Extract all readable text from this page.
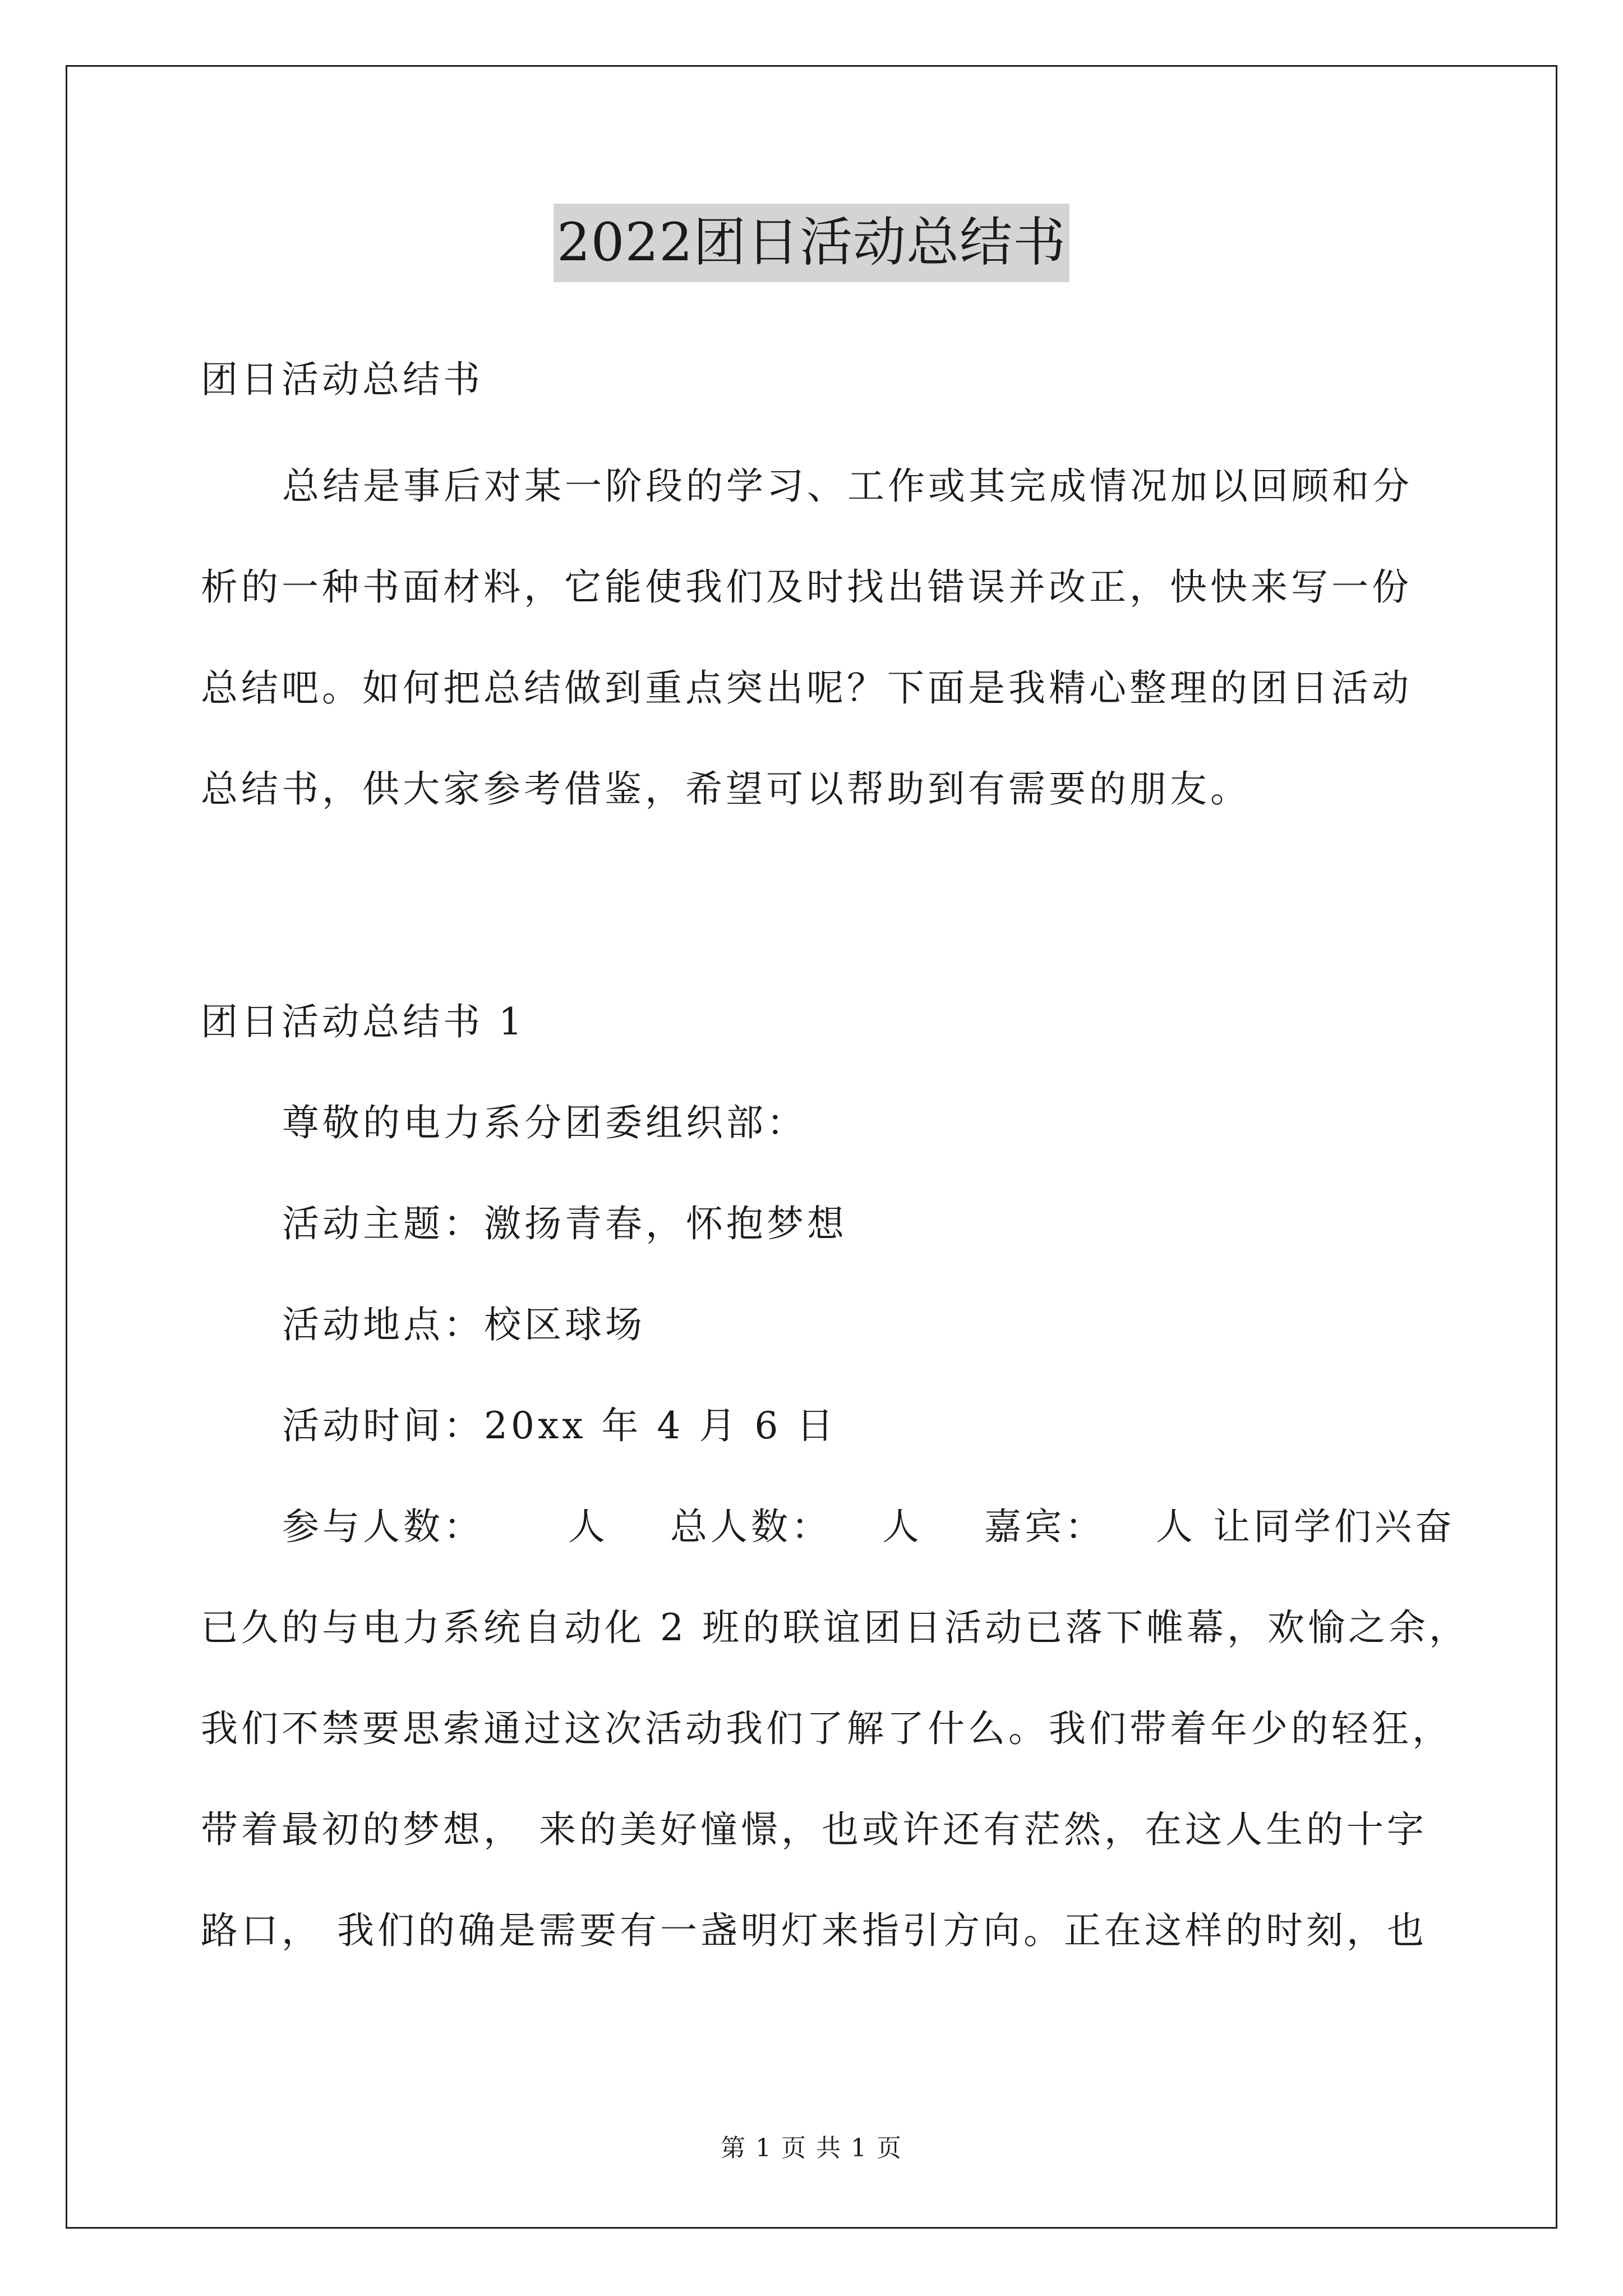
2022团日活动总结书
团日活动总结书
总结是事后对某一阶段的学习、工作或其完成情况加以回顾和分
析的一种书面材料，它能使我们及时找出错误并改正，快快来写一份
总结吧。如何把总结做到重点突出呢？下面是我精心整理的团日活动
总结书，供大家参考借鉴，希望可以帮助到有需要的朋友。
团日活动总结书 1
尊敬的电力系分团委组织部：
活动主题：激扬青春，怀抱梦想
活动地点：校区球场
活动时间：20xx 年 4 月 6 日
参与人数： 人 总人数： 人 嘉宾： 人 让同学们兴奋
已久的与电力系统自动化 2 班的联谊团日活动已落下帷幕，欢愉之余，
我们不禁要思索通过这次活动我们了解了什么。我们带着年少的轻狂，
带着最初的梦想， 来的美好憧憬，也或许还有茫然，在这人生的十字
路口， 我们的确是需要有一盏明灯来指引方向。正在这样的时刻，也
第 1 页 共 1 页
